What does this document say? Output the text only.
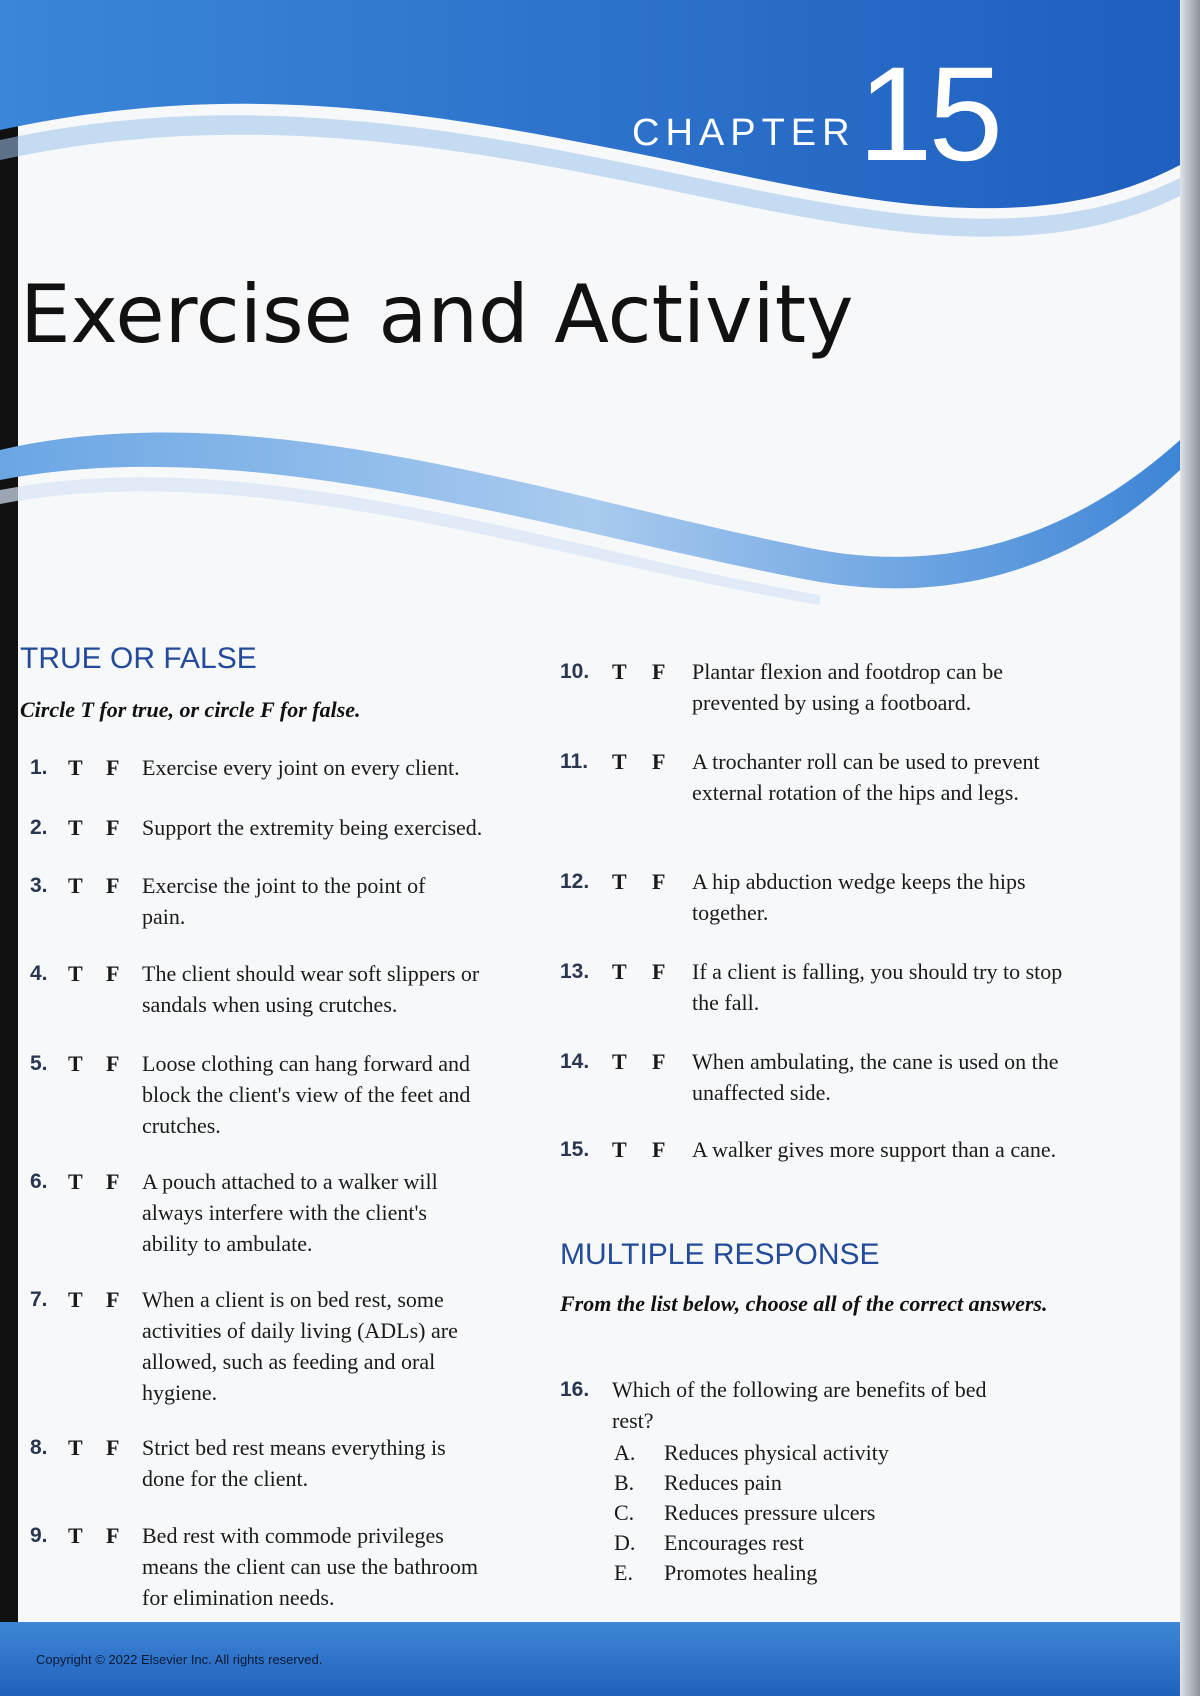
CHAPTER 15
Exercise and Activity
TRUE OR FALSE
Circle T for true, or circle F for false.
1. T F Exercise every joint on every client.
2. T F Support the extremity being exercised.
3. T F Exercise the joint to the point of pain.
4. T F The client should wear soft slippers or sandals when using crutches.
5. T F Loose clothing can hang forward and block the client's view of the feet and crutches.
6. T F A pouch attached to a walker will always interfere with the client's ability to ambulate.
7. T F When a client is on bed rest, some activities of daily living (ADLs) are allowed, such as feeding and oral hygiene.
8. T F Strict bed rest means everything is done for the client.
9. T F Bed rest with commode privileges means the client can use the bathroom for elimination needs.
10. T F Plantar flexion and footdrop can be prevented by using a footboard.
11. T F A trochanter roll can be used to prevent external rotation of the hips and legs.
12. T F A hip abduction wedge keeps the hips together.
13. T F If a client is falling, you should try to stop the fall.
14. T F When ambulating, the cane is used on the unaffected side.
15. T F A walker gives more support than a cane.
MULTIPLE RESPONSE
From the list below, choose all of the correct answers.
16. Which of the following are benefits of bed rest?
A. Reduces physical activity
B. Reduces pain
C. Reduces pressure ulcers
D. Encourages rest
E. Promotes healing
Copyright © 2022 Elsevier Inc. All rights reserved.
